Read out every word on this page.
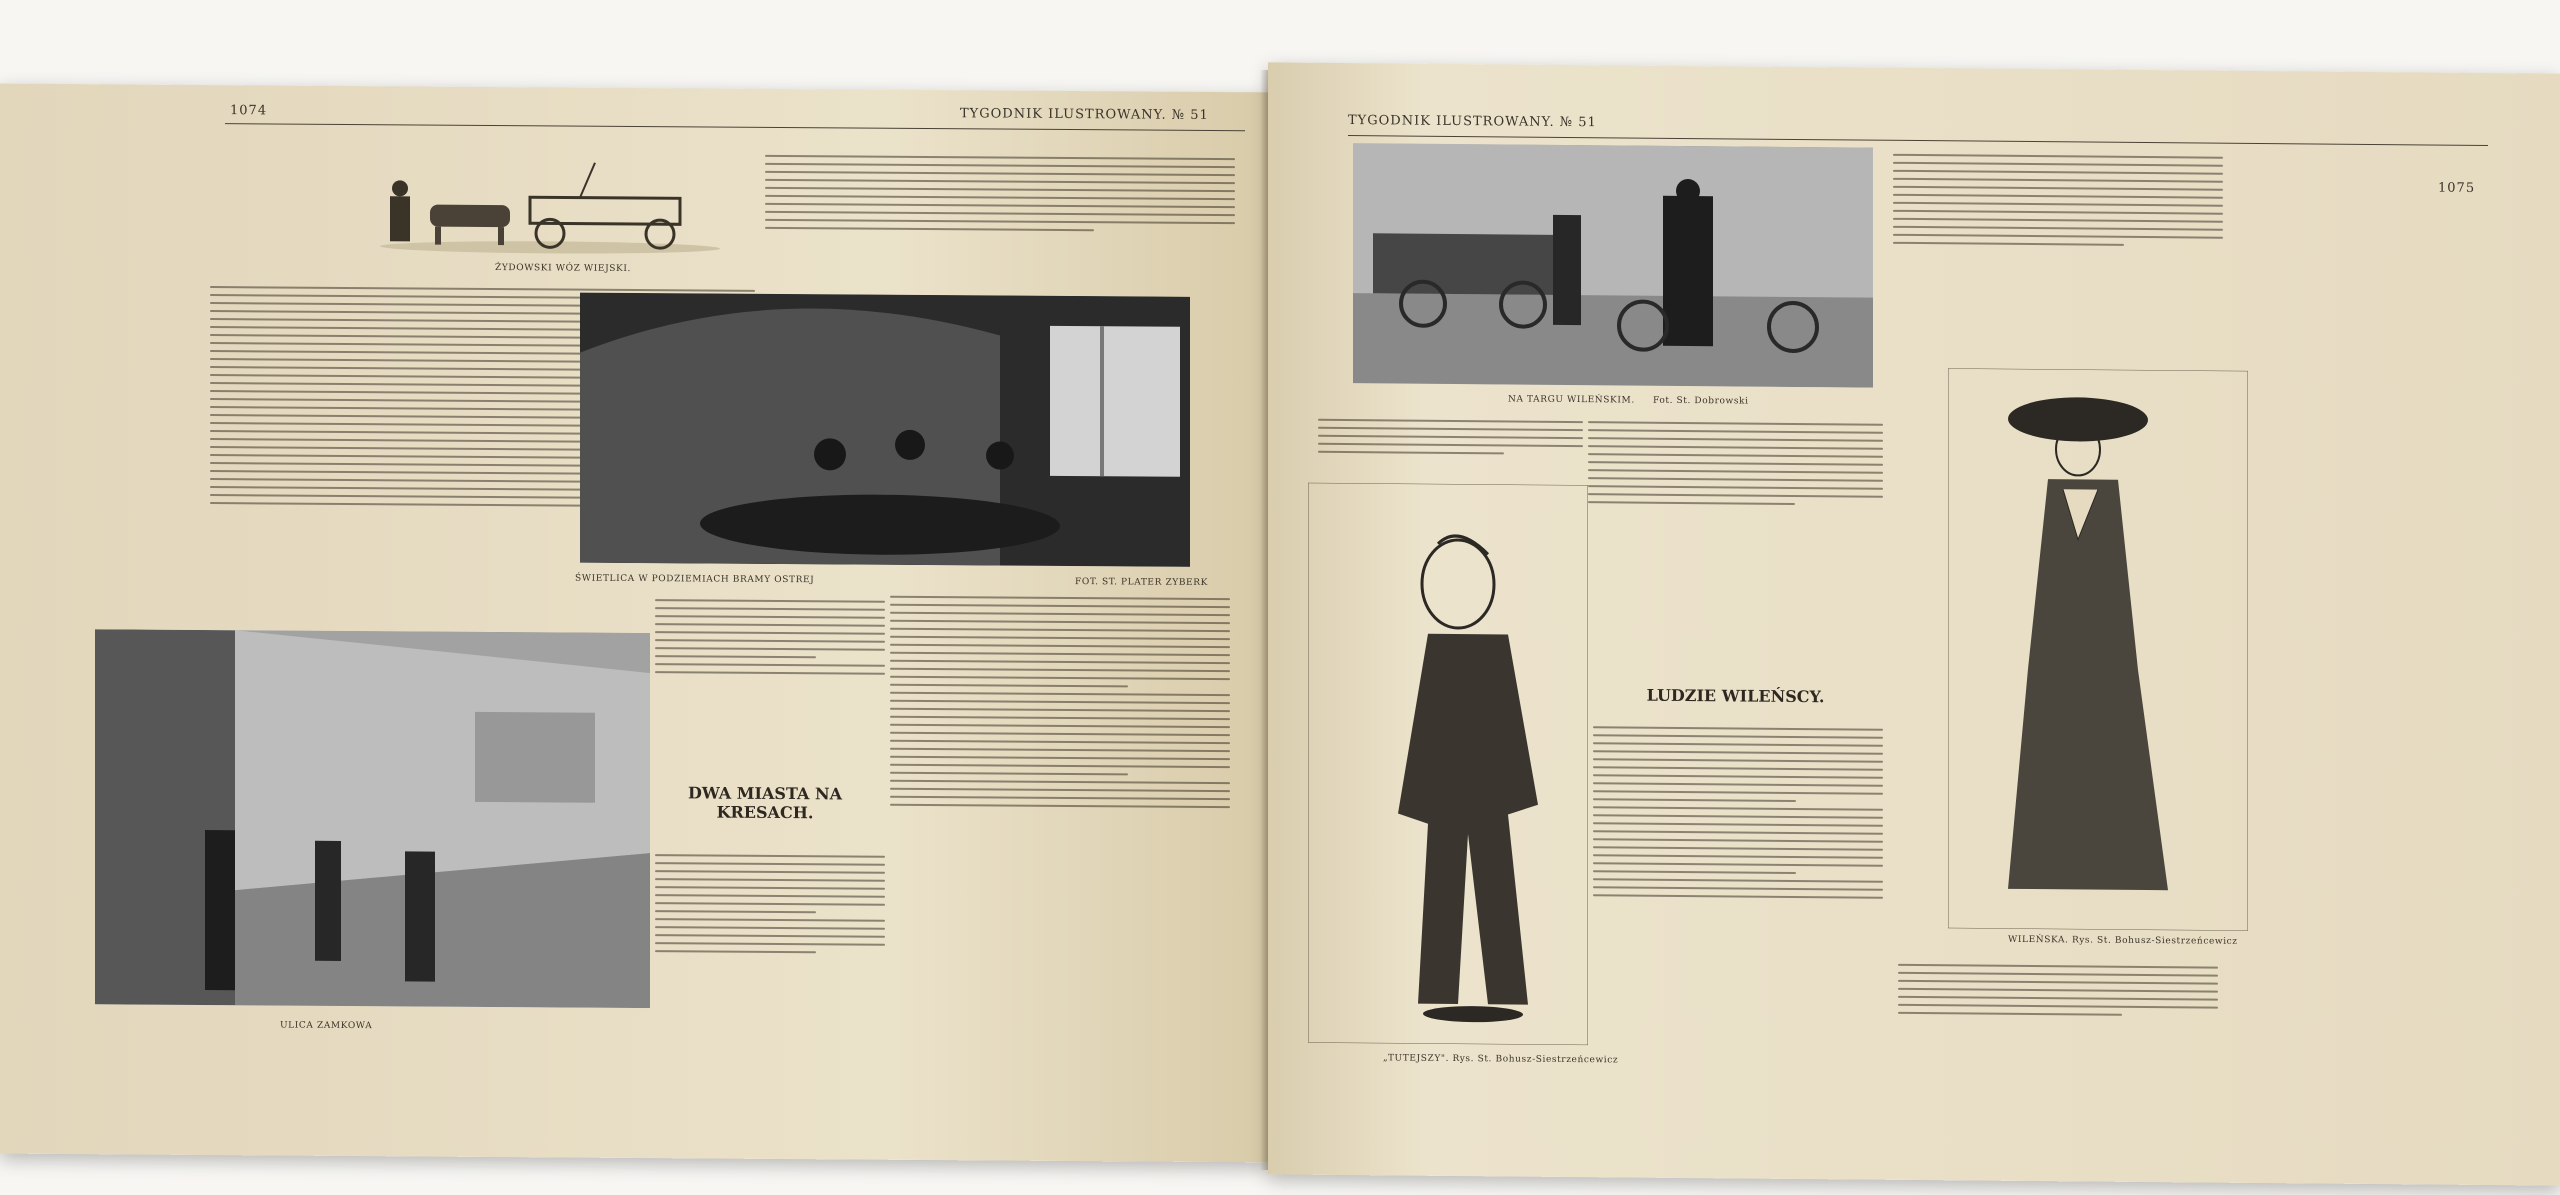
1074	TYGODNIK ILUSTROWANY. № 51
ŻYDOWSKI WÓZ WIEJSKI.
ŚWIETLICA W PODZIEMIACH BRAMY OSTREJ	FOT. ST. PLATER ZYBERK
ULICA ZAMKOWA
DWA MIASTA NA KRESACH.
TYGODNIK ILUSTROWANY. № 51
1075
NA TARGU WILEŃSKIM. Fot. St. Dobrowski
„TUTEJSZY". Rys. St. Bohusz-Siestrzeńcewicz
LUDZIE WILEŃSCY.
WILEŃSKA. Rys. St. Bohusz-Siestrzeńcewicz
